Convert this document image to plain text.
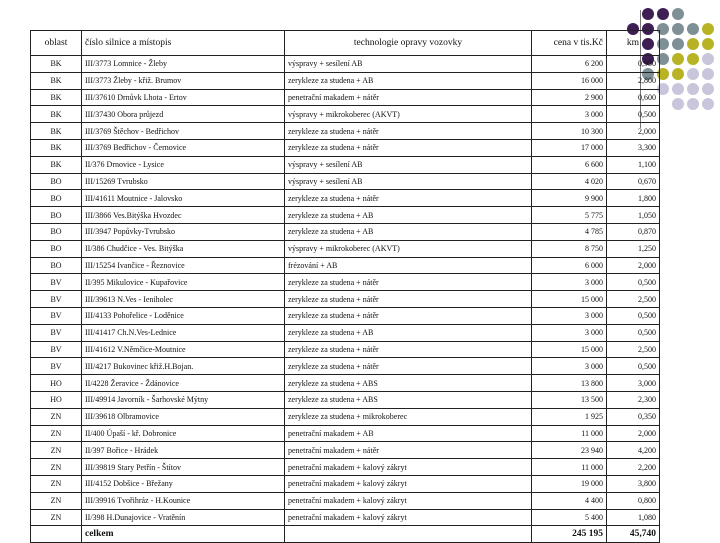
oblast	číslo silnice a místopis	technologie opravy vozovky	cena v tis.Kč	km
BK	III/3773 Lomnice - Žleby	výspravy + sesílení AB	6 200	0,950
BK	III/3773 Žleby - křiž. Brumov	zerykleze za studena + AB	16 000	2,800
BK	III/37610 Drnůvk Lhota - Ertov	penetrační makadem + nátěr	2 900	0,600
BK	III/37430 Obora průjezd	výspravy + mikrokoberec (AKVT)	3 000	0,500
BK	III/3769 Štěchov - Bedřichov	zerykleze za studena + nátěr	10 300	2,000
BK	III/3769 Bedřichov - Černovice	zerykleze za studena + nátěr	17 000	3,300
BK	II/376 Drnovice - Lysice	výspravy + sesílení AB	6 600	1,100
BO	III/15269 Tvrubsko	výspravy + sesílení AB	4 020	0,670
BO	III/41611 Moutnice - Jalovsko	zerykleze za studena + nátěr	9 900	1,800
BO	III/3866 Ves.Bitýška Hvozdec	zerykleze za studena + AB	5 775	1,050
BO	III/3947 Popůvky-Tvrubsko	zerykleze za studena + AB	4 785	0,870
BO	II/386 Chudčice - Ves. Bitýška	výspravy + mikrokoberec (AKVT)	8 750	1,250
BO	III/15254 Ivančice - Řeznovice	frézování + AB	6 000	2,000
BV	II/395 Mikulovice - Kupařovice	zerykleze za studena + nátěr	3 000	0,500
BV	III/39613 N.Ves - Ieniholec	zerykleze za studena + nátěr	15 000	2,500
BV	III/4133 Pohořelice - Loděnice	zerykleze za studena + nátěr	3 000	0,500
BV	III/41417 Ch.N.Ves-Lednice	zerykleze za studena + AB	3 000	0,500
BV	III/41612 V.Němčice-Moutnice	zerykleze za studena + nátěr	15 000	2,500
BV	III/4217 Bukovinec křiž.H.Bojan.	zerykleze za studena + nátěr	3 000	0,500
HO	II/4228 Žeravice - Ždánovice	zerykleze za studena + ABS	13 800	3,000
HO	III/49914 Javorník - Šarhovské Mýtny	zerykleze za studena + ABS	13 500	2,300
ZN	III/39618 Olbramovice	zerykleze za studena + mikrokoberec	1 925	0,350
ZN	II/400 Úpaší - kř. Dobronice	penetrační makadem + AB	11 000	2,000
ZN	II/397 Bořice - Hrádek	penetrační makadem + nátěr	23 940	4,200
ZN	III/39819 Stary Petřín - Štítov	penetrační makadem + kalový zákryt	11 000	2,200
ZN	III/4152 Dobšice - Břežany	penetrační makadem + kalový zákryt	19 000	3,800
ZN	III/39916 Tvořihráz - H.Kounice	penetrační makadem + kalový zákryt	4 400	0,800
ZN	II/398 H.Dunajovice - Vratěnín	penetrační makadem + kalový zákryt	5 400	1,080
	celkem		245 195	45,740
